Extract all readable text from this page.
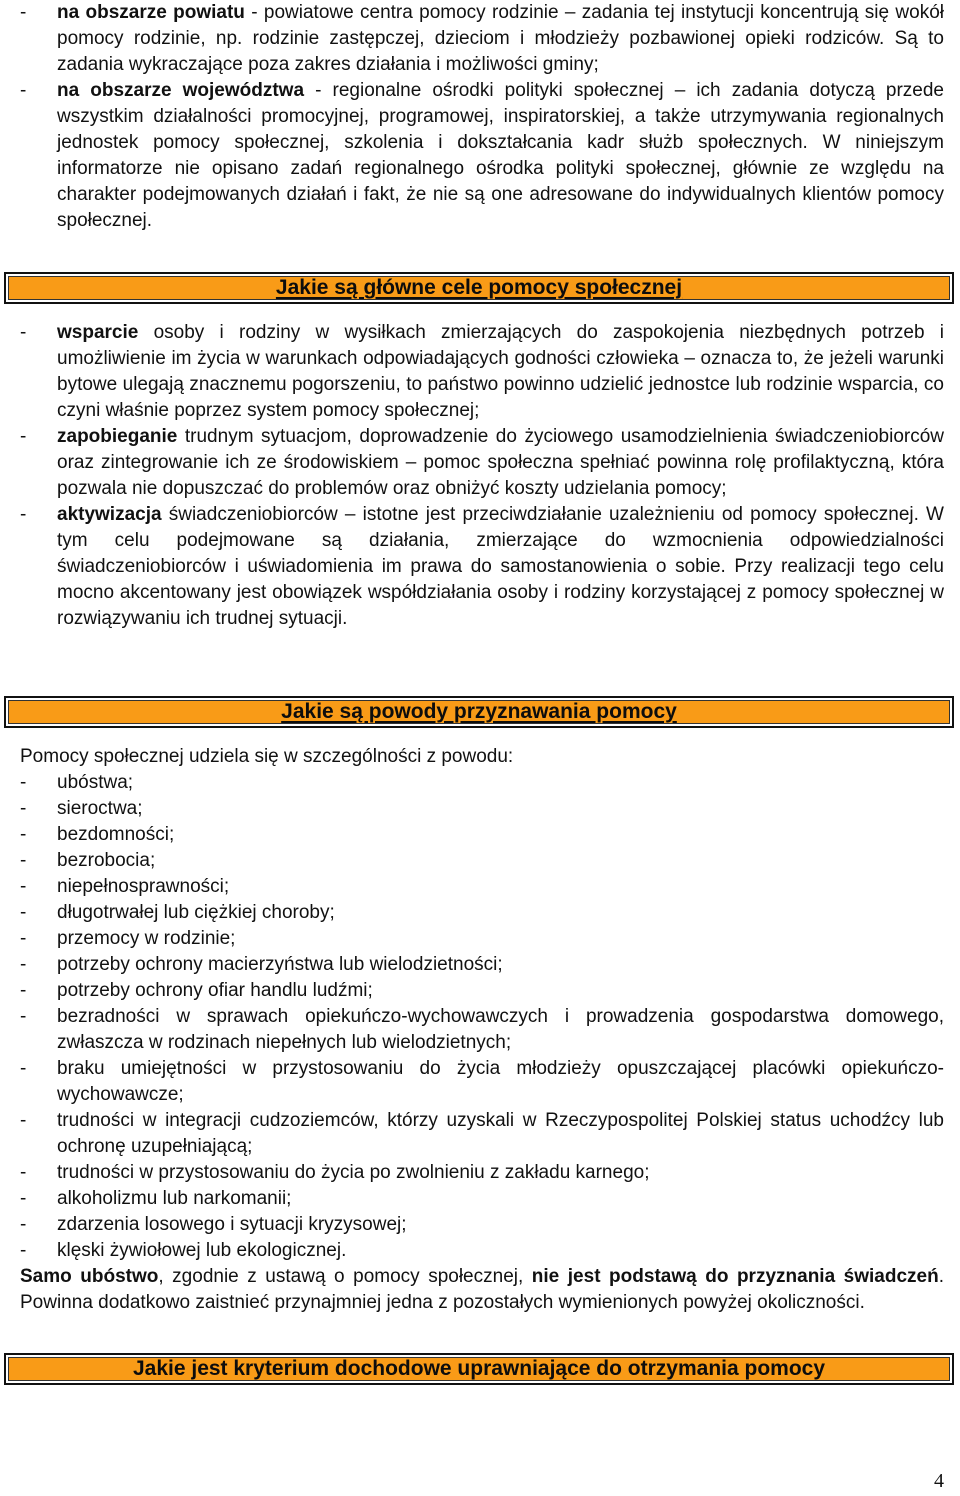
-	na obszarze powiatu - powiatowe centra pomocy rodzinie – zadania tej instytucji koncentrują się wokół pomocy rodzinie, np. rodzinie zastępczej, dzieciom i młodzieży pozbawionej opieki rodziców. Są to zadania wykraczające poza zakres działania i możliwości gminy;
-	na obszarze województwa - regionalne ośrodki polityki społecznej – ich zadania dotyczą przede wszystkim działalności promocyjnej, programowej, inspiratorskiej, a także utrzymywania regionalnych jednostek pomocy społecznej, szkolenia i dokształcania kadr służb społecznych. W niniejszym informatorze nie opisano zadań regionalnego ośrodka polityki społecznej, głównie ze względu na charakter podejmowanych działań i fakt, że nie są one adresowane do indywidualnych klientów pomocy społecznej.
Jakie są główne cele pomocy społecznej
-	wsparcie osoby i rodziny w wysiłkach zmierzających do zaspokojenia niezbędnych potrzeb i umożliwienie im życia w warunkach odpowiadających godności człowieka – oznacza to, że jeżeli warunki bytowe ulegają znacznemu pogorszeniu, to państwo powinno udzielić jednostce lub rodzinie wsparcia, co czyni właśnie poprzez system pomocy społecznej;
-	zapobieganie trudnym sytuacjom, doprowadzenie do życiowego usamodzielnienia świadczeniobiorców oraz zintegrowanie ich ze środowiskiem – pomoc społeczna spełniać powinna rolę profilaktyczną, która pozwala nie dopuszczać do problemów oraz obniżyć koszty udzielania pomocy;
-	aktywizacja świadczeniobiorców – istotne jest przeciwdziałanie uzależnieniu od pomocy społecznej. W tym celu podejmowane są działania, zmierzające do wzmocnienia odpowiedzialności świadczeniobiorców i uświadomienia im prawa do samostanowienia o sobie. Przy realizacji tego celu mocno akcentowany jest obowiązek współdziałania osoby i rodziny korzystającej z pomocy społecznej w rozwiązywaniu ich trudnej sytuacji.
Jakie są powody przyznawania pomocy
Pomocy społecznej udziela się w szczególności z powodu:
-	ubóstwa;
-	sieroctwa;
-	bezdomności;
-	bezrobocia;
-	niepełnosprawności;
-	długotrwałej lub ciężkiej choroby;
-	przemocy w rodzinie;
-	potrzeby ochrony macierzyństwa lub wielodzietności;
-	potrzeby ochrony ofiar handlu ludźmi;
-	bezradności w sprawach opiekuńczo-wychowawczych i prowadzenia gospodarstwa domowego, zwłaszcza w rodzinach niepełnych lub wielodzietnych;
-	braku umiejętności w przystosowaniu do życia młodzieży opuszczającej placówki opiekuńczo-wychowawcze;
-	trudności w integracji cudzoziemców, którzy uzyskali w Rzeczypospolitej Polskiej status uchodźcy lub ochronę uzupełniającą;
-	trudności w przystosowaniu do życia po zwolnieniu z zakładu karnego;
-	alkoholizmu lub narkomanii;
-	zdarzenia losowego i sytuacji kryzysowej;
-	klęski żywiołowej lub ekologicznej.
Samo ubóstwo, zgodnie z ustawą o pomocy społecznej, nie jest podstawą do przyznania świadczeń. Powinna dodatkowo zaistnieć przynajmniej jedna z pozostałych wymienionych powyżej okoliczności.
Jakie jest kryterium dochodowe uprawniające do otrzymania pomocy
4
